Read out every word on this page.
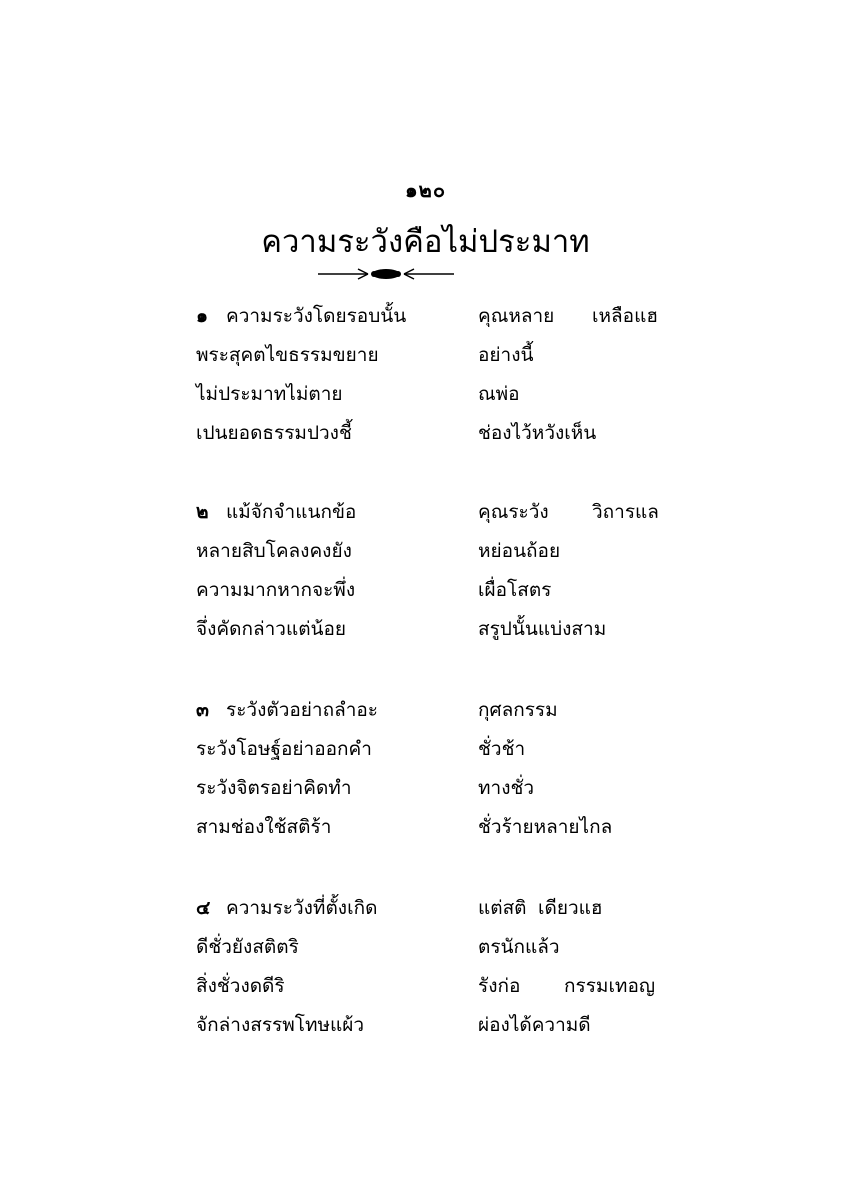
๑๒๐
ความระวังคือไม่ประมาท
๑ ความระวังโดยรอบนั้น	คุณหลาย เหลือแฮ
พระสุคตไขธรรมขยาย	อย่างนี้
ไม่ประมาทไม่ตาย	ณพ่อ
เปนยอดธรรมปวงชี้	ช่องไว้หวังเห็น
๒ แม้จักจำแนกข้อ	คุณระวัง วิถารแล
หลายสิบโคลงคงยัง	หย่อนถ้อย
ความมากหากจะพึ่ง	เผื่อโสตร
จึ่งคัดกล่าวแต่น้อย	สรูปนั้นแบ่งสาม
๓ ระวังตัวอย่าถลำอะ	กุศลกรรม
ระวังโอษฐ์อย่าออกคำ	ชั่วช้า
ระวังจิตรอย่าคิดทำ	ทางชั่ว
สามช่องใช้สติร้า	ชั่วร้ายหลายไกล
๔ ความระวังที่ตั้งเกิด	แต่สติ เดียวแฮ
ดีชั่วยังสติตริ	ตรนักแล้ว
สิ่งชั่วงดดีริ	รังก่อ กรรมเทอญ
จักล่างสรรพโทษแผ้ว	ผ่องได้ความดี
